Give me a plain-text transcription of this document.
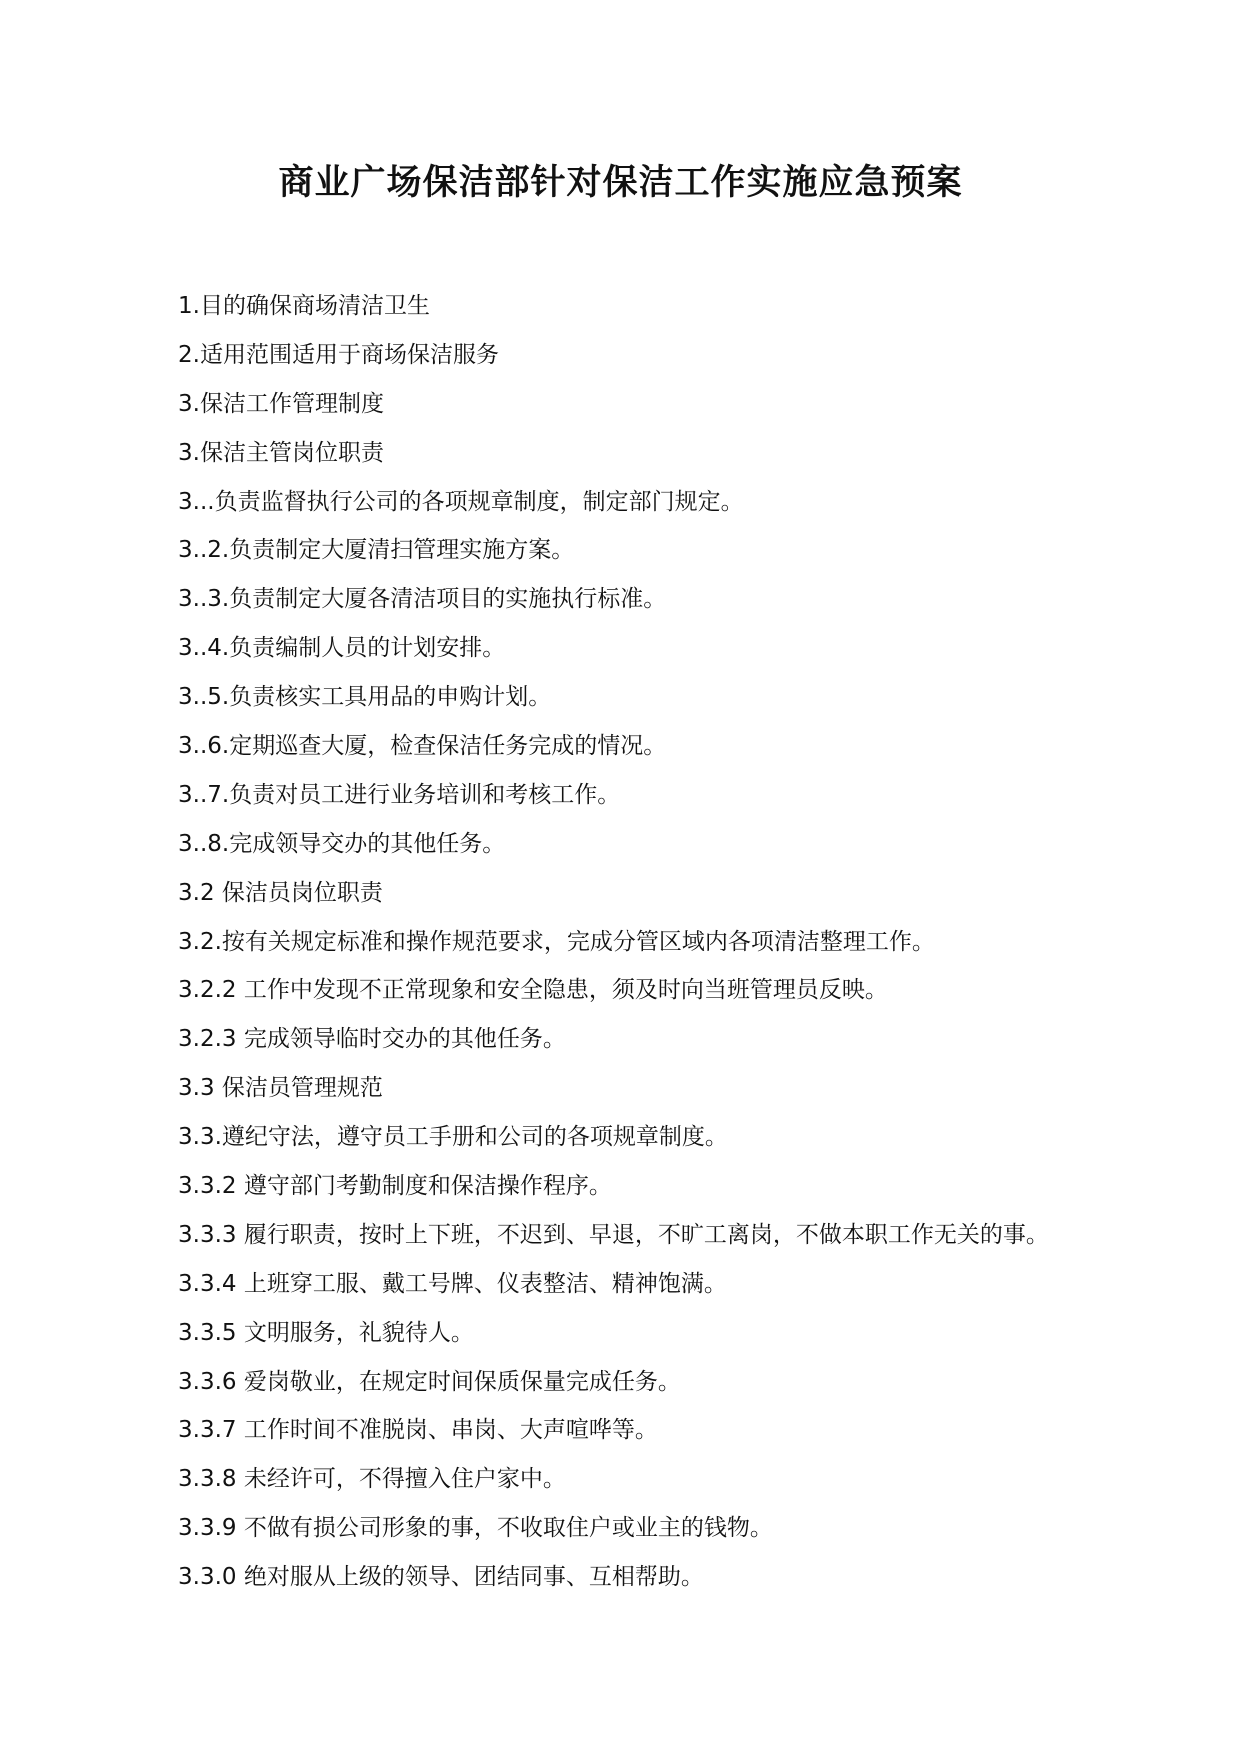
商业广场保洁部针对保洁工作实施应急预案
1.目的确保商场清洁卫生
2.适用范围适用于商场保洁服务
3.保洁工作管理制度
3.保洁主管岗位职责
3...负责监督执行公司的各项规章制度，制定部门规定。
3..2.负责制定大厦清扫管理实施方案。
3..3.负责制定大厦各清洁项目的实施执行标准。
3..4.负责编制人员的计划安排。
3..5.负责核实工具用品的申购计划。
3..6.定期巡查大厦，检查保洁任务完成的情况。
3..7.负责对员工进行业务培训和考核工作。
3..8.完成领导交办的其他任务。
3.2 保洁员岗位职责
3.2.按有关规定标准和操作规范要求，完成分管区域内各项清洁整理工作。
3.2.2 工作中发现不正常现象和安全隐患，须及时向当班管理员反映。
3.2.3 完成领导临时交办的其他任务。
3.3 保洁员管理规范
3.3.遵纪守法，遵守员工手册和公司的各项规章制度。
3.3.2 遵守部门考勤制度和保洁操作程序。
3.3.3 履行职责，按时上下班，不迟到、早退，不旷工离岗，不做本职工作无关的事。
3.3.4 上班穿工服、戴工号牌、仪表整洁、精神饱满。
3.3.5 文明服务，礼貌待人。
3.3.6 爱岗敬业，在规定时间保质保量完成任务。
3.3.7 工作时间不准脱岗、串岗、大声喧哗等。
3.3.8 未经许可，不得擅入住户家中。
3.3.9 不做有损公司形象的事，不收取住户或业主的钱物。
3.3.0 绝对服从上级的领导、团结同事、互相帮助。
